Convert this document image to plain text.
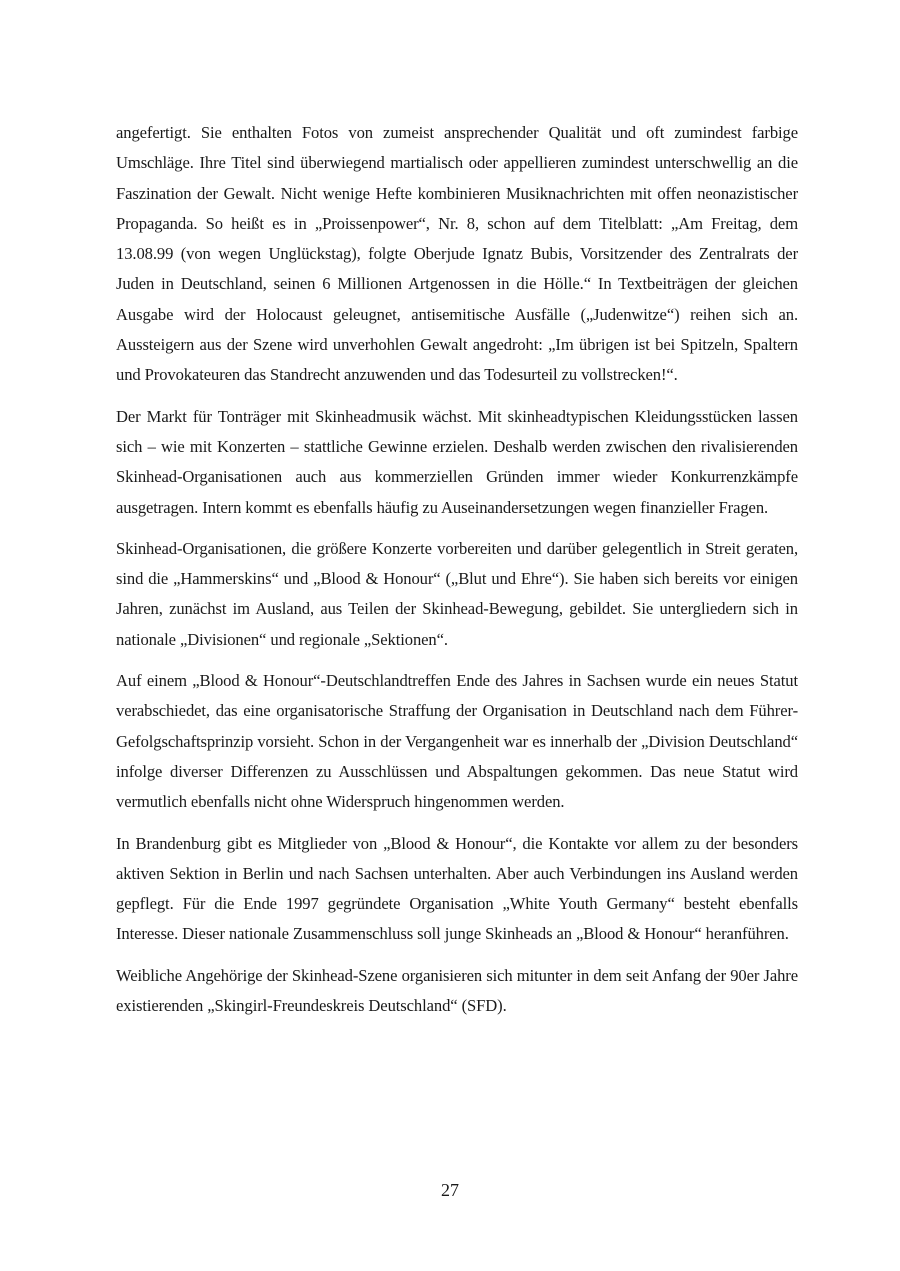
angefertigt. Sie enthalten Fotos von zumeist ansprechender Qualität und oft zumindest farbige Umschläge. Ihre Titel sind überwiegend martialisch oder appellieren zumindest unterschwellig an die Faszination der Gewalt. Nicht wenige Hefte kombinieren Musiknachrichten mit offen neonazistischer Propaganda. So heißt es in „Proissenpower“, Nr. 8, schon auf dem Titelblatt: „Am Freitag, dem 13.08.99 (von wegen Unglückstag), folgte Oberjude Ignatz Bubis, Vorsitzender des Zentralrats der Juden in Deutschland, seinen 6 Millionen Artgenossen in die Hölle.“ In Textbeiträgen der gleichen Ausgabe wird der Holocaust geleugnet, antisemitische Ausfälle („Judenwitze“) reihen sich an. Aussteigern aus der Szene wird unverhohlen Gewalt angedroht: „Im übrigen ist bei Spitzeln, Spaltern und Provokateuren das Standrecht anzuwenden und das Todesurteil zu vollstrecken!“.

Der Markt für Tonträger mit Skinheadmusik wächst. Mit skinheadtypischen Kleidungsstücken lassen sich – wie mit Konzerten – stattliche Gewinne erzielen. Deshalb werden zwischen den rivalisierenden Skinhead-Organisationen auch aus kommerziellen Gründen immer wieder Konkurrenzkämpfe ausgetragen. Intern kommt es ebenfalls häufig zu Auseinandersetzungen wegen finanzieller Fragen.

Skinhead-Organisationen, die größere Konzerte vorbereiten und darüber gelegentlich in Streit geraten, sind die „Hammerskins“ und „Blood & Honour“ („Blut und Ehre“). Sie haben sich bereits vor einigen Jahren, zunächst im Ausland, aus Teilen der Skinhead-Bewegung, gebildet. Sie untergliedern sich in nationale „Divisionen“ und regionale „Sektionen“.

Auf einem „Blood & Honour“-Deutschlandtreffen Ende des Jahres in Sachsen wurde ein neues Statut verabschiedet, das eine organisatorische Straffung der Organisation in Deutschland nach dem Führer-Gefolgschaftsprinzip vorsieht. Schon in der Vergangenheit war es innerhalb der „Division Deutschland“ infolge diverser Differenzen zu Ausschlüssen und Abspaltungen gekommen. Das neue Statut wird vermutlich ebenfalls nicht ohne Widerspruch hingenommen werden.

In Brandenburg gibt es Mitglieder von „Blood & Honour“, die Kontakte vor allem zu der besonders aktiven Sektion in Berlin und nach Sachsen unterhalten. Aber auch Verbindungen ins Ausland werden gepflegt. Für die Ende 1997 gegründete Organisation „White Youth Germany“ besteht ebenfalls Interesse. Dieser nationale Zusammenschluss soll junge Skinheads an „Blood & Honour“ heranführen.

Weibliche Angehörige der Skinhead-Szene organisieren sich mitunter in dem seit Anfang der 90er Jahre existierenden „Skingirl-Freundeskreis Deutschland“ (SFD).

27
